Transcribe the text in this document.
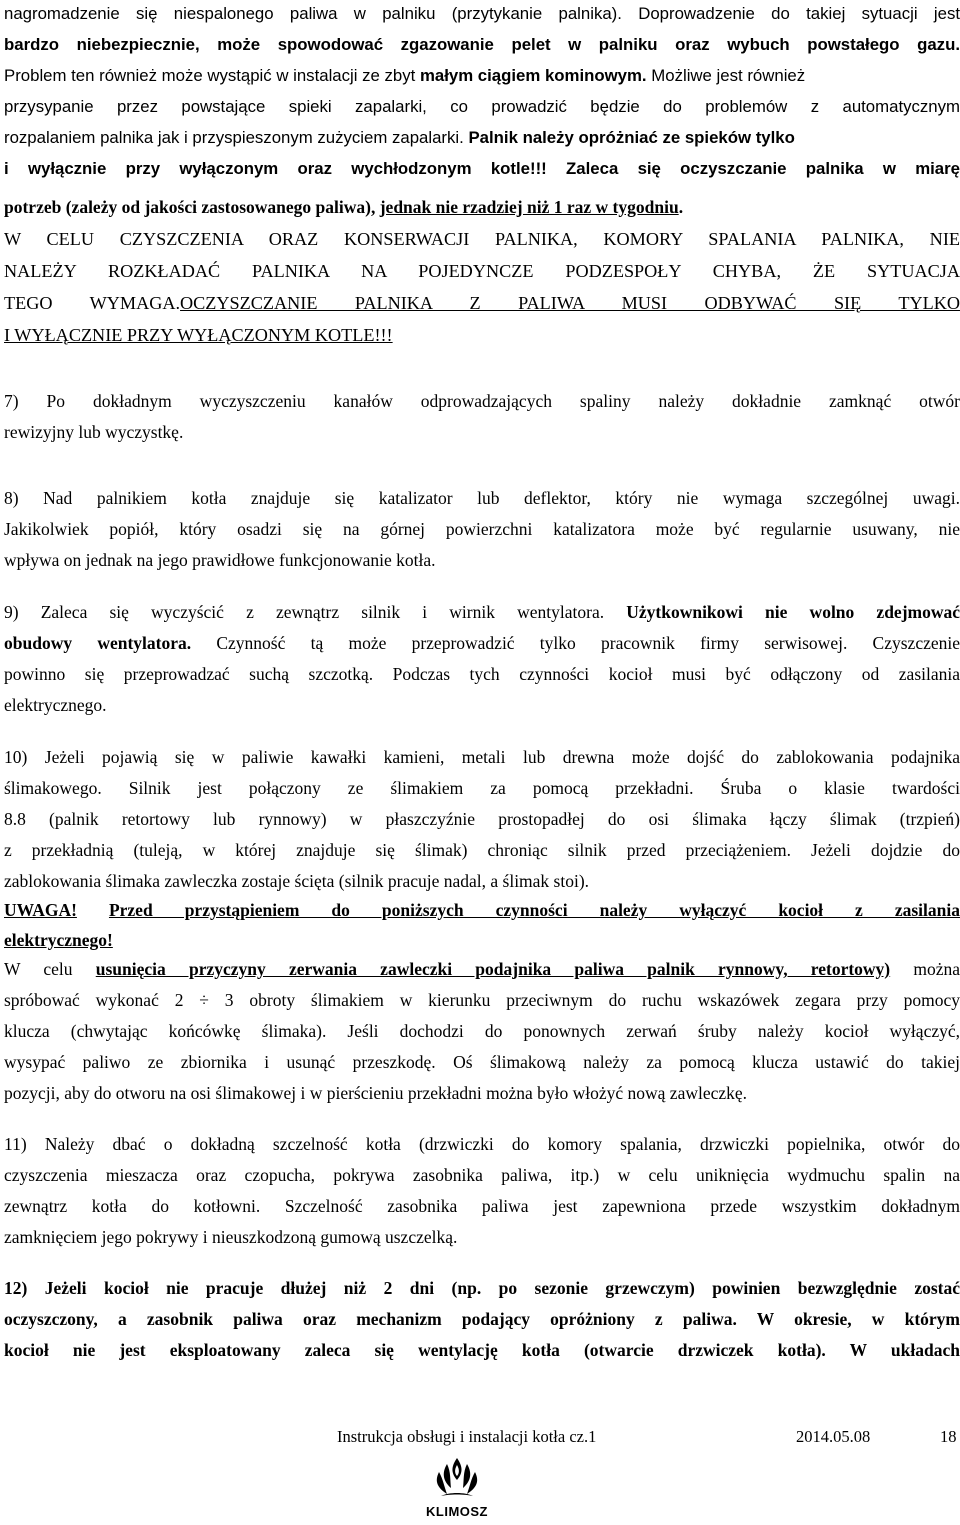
nagromadzenie się niespalonego paliwa w palniku (przytykanie palnika). Doprowadzenie do takiej sytuacji jest
bardzo niebezpiecznie, może spowodować zgazowanie pelet w palniku oraz wybuch powstałego gazu.
Problem ten również może wystąpić w instalacji ze zbyt małym ciągiem kominowym. Możliwe jest również
przysypanie przez powstające spieki zapalarki, co prowadzić będzie do problemów z automatycznym
rozpalaniem palnika jak i przyspieszonym zużyciem zapalarki. Palnik należy opróżniać ze spieków tylko
i wyłącznie przy wyłączonym oraz wychłodzonym kotle!!! Zaleca się oczyszczanie palnika w miarę
potrzeb (zależy od jakości zastosowanego paliwa), jednak nie rzadziej niż 1 raz w tygodniu.
W CELU CZYSZCZENIA ORAZ KONSERWACJI PALNIKA, KOMORY SPALANIA PALNIKA, NIE
NALEŻY ROZKŁADAĆ PALNIKA NA POJEDYNCZE PODZESPOŁY CHYBA, ŻE SYTUACJA
TEGO WYMAGA.OCZYSZCZANIE PALNIKA Z PALIWA MUSI ODBYWAĆ SIĘ TYLKO
I WYŁĄCZNIE PRZY WYŁĄCZONYM KOTLE!!!
7) Po dokładnym wyczyszczeniu kanałów odprowadzających spaliny należy dokładnie zamknąć otwór
rewizyjny lub wyczystkę.
8) Nad palnikiem kotła znajduje się katalizator lub deflektor, który nie wymaga szczególnej uwagi.
Jakikolwiek popiół, który osadzi się na górnej powierzchni katalizatora może być regularnie usuwany, nie
wpływa on jednak na jego prawidłowe funkcjonowanie kotła.
9) Zaleca się wyczyścić z zewnątrz silnik i wirnik wentylatora. Użytkownikowi nie wolno zdejmować
obudowy wentylatora. Czynność tą może przeprowadzić tylko pracownik firmy serwisowej. Czyszczenie
powinno się przeprowadzać suchą szczotką. Podczas tych czynności kocioł musi być odłączony od zasilania
elektrycznego.
10) Jeżeli pojawią się w paliwie kawałki kamieni, metali lub drewna może dojść do zablokowania podajnika
ślimakowego. Silnik jest połączony ze ślimakiem za pomocą przekładni. Śruba o klasie twardości
8.8 (palnik retortowy lub rynnowy) w płaszczyźnie prostopadłej do osi ślimaka łączy ślimak (trzpień)
z przekładnią (tuleją, w której znajduje się ślimak) chroniąc silnik przed przeciążeniem. Jeżeli dojdzie do
zablokowania ślimaka zawleczka zostaje ścięta (silnik pracuje nadal, a ślimak stoi).
UWAGA! Przed przystąpieniem do poniższych czynności należy wyłączyć kocioł z zasilania
elektrycznego!
W celu usunięcia przyczyny zerwania zawleczki podajnika paliwa palnik rynnowy, retortowy) można
spróbować wykonać 2 ÷ 3 obroty ślimakiem w kierunku przeciwnym do ruchu wskazówek zegara przy pomocy
klucza (chwytając końcówkę ślimaka). Jeśli dochodzi do ponownych zerwań śruby należy kocioł wyłączyć,
wysypać paliwo ze zbiornika i usunąć przeszkodę. Oś ślimakową należy za pomocą klucza ustawić do takiej
pozycji, aby do otworu na osi ślimakowej i w pierścieniu przekładni można było włożyć nową zawleczkę.
11) Należy dbać o dokładną szczelność kotła (drzwiczki do komory spalania, drzwiczki popielnika, otwór do
czyszczenia mieszacza oraz czopucha, pokrywa zasobnika paliwa, itp.) w celu uniknięcia wydmuchu spalin na
zewnątrz kotła do kotłowni. Szczelność zasobnika paliwa jest zapewniona przede wszystkim dokładnym
zamknięciem jego pokrywy i nieuszkodzoną gumową uszczelką.
12) Jeżeli kocioł nie pracuje dłużej niż 2 dni (np. po sezonie grzewczym) powinien bezwzględnie zostać
oczyszczony, a zasobnik paliwa oraz mechanizm podający opróżniony z paliwa. W okresie, w którym
kocioł nie jest eksploatowany zaleca się wentylację kotła (otwarcie drzwiczek kotła). W układach
Instrukcja obsługi i instalacji kotła cz.1	2014.05.08	18
KLIMOSZ
